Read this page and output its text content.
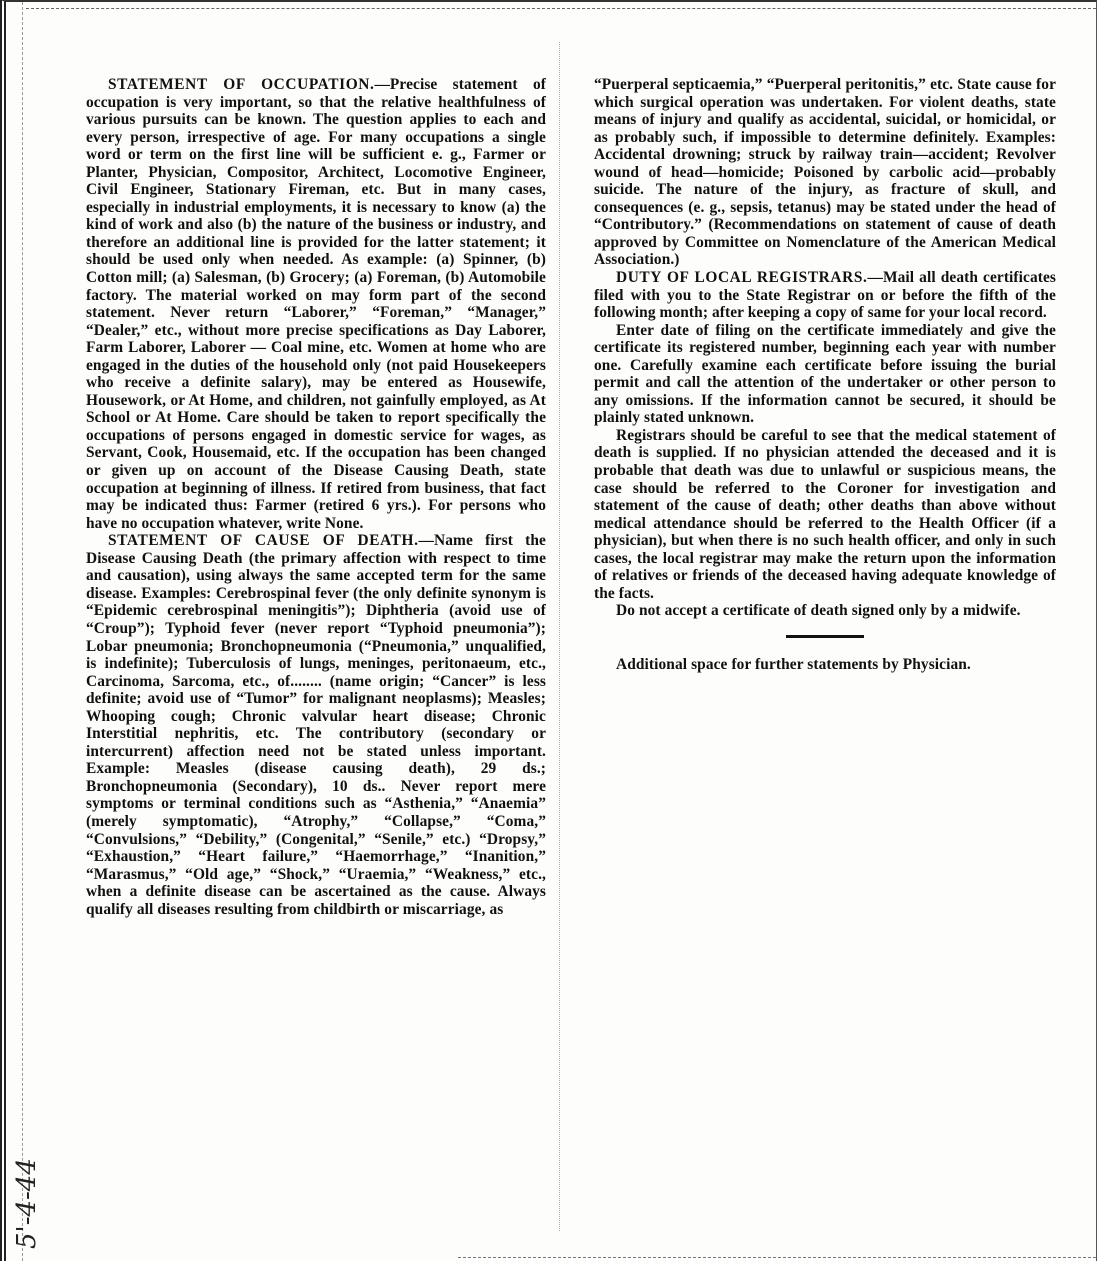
STATEMENT OF OCCUPATION.—Precise statement of occupation is very important, so that the relative healthfulness of various pursuits can be known. The question applies to each and every person, irrespective of age. For many occupations a single word or term on the first line will be sufficient e. g., Farmer or Planter, Physician, Compositor, Architect, Locomotive Engineer, Civil Engineer, Stationary Fireman, etc. But in many cases, especially in industrial employments, it is necessary to know (a) the kind of work and also (b) the nature of the business or industry, and therefore an additional line is provided for the latter statement; it should be used only when needed. As example: (a) Spinner, (b) Cotton mill; (a) Salesman, (b) Grocery; (a) Foreman, (b) Automobile factory. The material worked on may form part of the second statement. Never return “Laborer,” “Foreman,” “Manager,” “Dealer,” etc., without more precise specifications as Day Laborer, Farm Laborer, Laborer — Coal mine, etc. Women at home who are engaged in the duties of the household only (not paid Housekeepers who receive a definite salary), may be entered as Housewife, Housework, or At Home, and children, not gainfully employed, as At School or At Home. Care should be taken to report specifically the occupations of persons engaged in domestic service for wages, as Servant, Cook, Housemaid, etc. If the occupation has been changed or given up on account of the Disease Causing Death, state occupation at beginning of illness. If retired from business, that fact may be indicated thus: Farmer (retired 6 yrs.). For persons who have no occupation whatever, write None.

STATEMENT OF CAUSE OF DEATH.—Name first the Disease Causing Death (the primary affection with respect to time and causation), using always the same accepted term for the same disease. Examples: Cerebrospinal fever (the only definite synonym is “Epidemic cerebrospinal meningitis”); Diphtheria (avoid use of “Croup”); Typhoid fever (never report “Typhoid pneumonia”); Lobar pneumonia; Bronchopneumonia (“Pneumonia,” unqualified, is indefinite); Tuberculosis of lungs, meninges, peritonaeum, etc., Carcinoma, Sarcoma, etc., of........ (name origin; “Cancer” is less definite; avoid use of “Tumor” for malignant neoplasms); Measles; Whooping cough; Chronic valvular heart disease; Chronic Interstitial nephritis, etc. The contributory (secondary or intercurrent) affection need not be stated unless important. Example: Measles (disease causing death), 29 ds.; Bronchopneumonia (Secondary), 10 ds.. Never report mere symptoms or terminal conditions such as “Asthenia,” “Anaemia” (merely symptomatic), “Atrophy,” “Collapse,” “Coma,” “Convulsions,” “Debility,” (Congenital,” “Senile,” etc.) “Dropsy,” “Exhaustion,” “Heart failure,” “Haemorrhage,” “Inanition,” “Marasmus,” “Old age,” “Shock,” “Uraemia,” “Weakness,” etc., when a definite disease can be ascertained as the cause. Always qualify all diseases resulting from childbirth or miscarriage, as

“Puerperal septicaemia,” “Puerperal peritonitis,” etc. State cause for which surgical operation was undertaken. For violent deaths, state means of injury and qualify as accidental, suicidal, or homicidal, or as probably such, if impossible to determine definitely. Examples: Accidental drowning; struck by railway train—accident; Revolver wound of head—homicide; Poisoned by carbolic acid—probably suicide. The nature of the injury, as fracture of skull, and consequences (e. g., sepsis, tetanus) may be stated under the head of “Contributory.” (Recommendations on statement of cause of death approved by Committee on Nomenclature of the American Medical Association.)

DUTY OF LOCAL REGISTRARS.—Mail all death certificates filed with you to the State Registrar on or before the fifth of the following month; after keeping a copy of same for your local record.

Enter date of filing on the certificate immediately and give the certificate its registered number, beginning each year with number one. Carefully examine each certificate before issuing the burial permit and call the attention of the undertaker or other person to any omissions. If the information cannot be secured, it should be plainly stated unknown.

Registrars should be careful to see that the medical statement of death is supplied. If no physician attended the deceased and it is probable that death was due to unlawful or suspicious means, the case should be referred to the Coroner for investigation and statement of the cause of death; other deaths than above without medical attendance should be referred to the Health Officer (if a physician), but when there is no such health officer, and only in such cases, the local registrar may make the return upon the information of relatives or friends of the deceased having adequate knowledge of the facts.

Do not accept a certificate of death signed only by a midwife.

Additional space for further statements by Physician.

5'-4-44
